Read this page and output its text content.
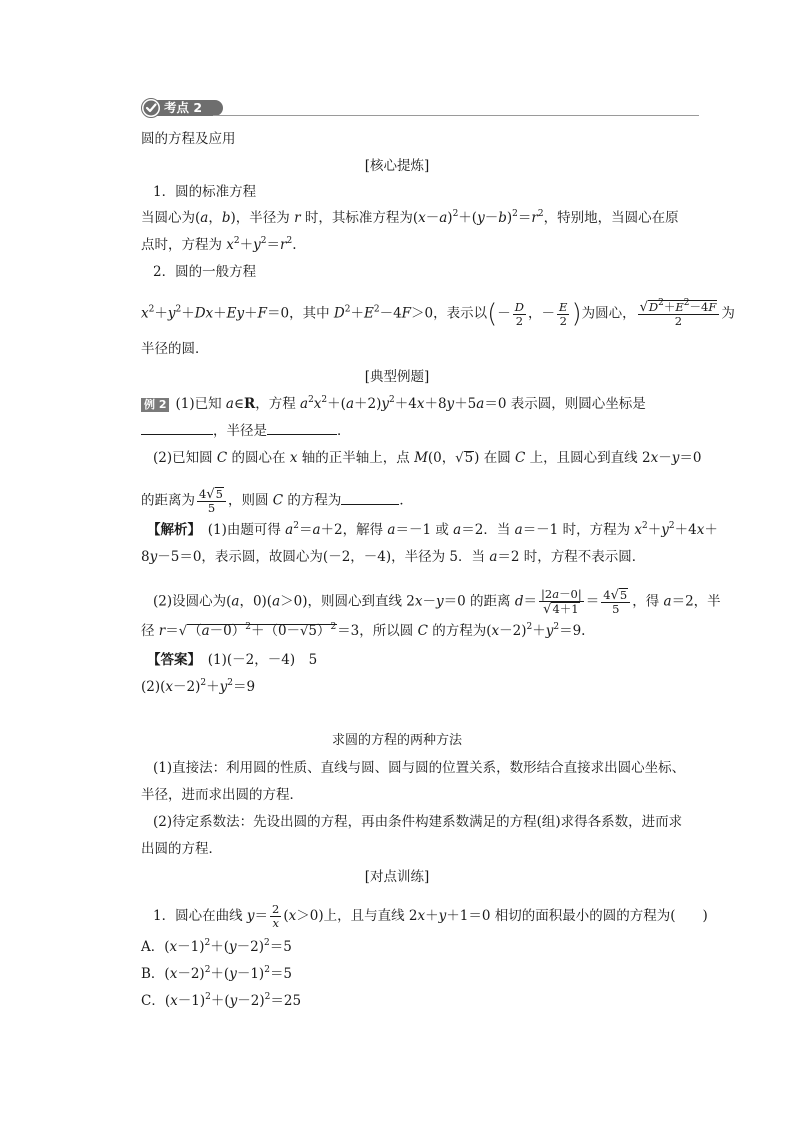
考点 2
圆的方程及应用
[核心提炼]
1．圆的标准方程
当圆心为(a，b)，半径为 r 时，其标准方程为$(x-a)^2+(y-b)^2=r^2$，特别地，当圆心在原
点时，方程为 $x^2+y^2=r^2$.
2．圆的一般方程
$x^2+y^2+Dx+Ey+F=0$，其中 $D^2+E^2-4F>0$，表示以(－ $\frac{D}{2}$ ，－ $\frac{E}{2}$ )为圆心， $\frac{√D^2+E^2-4F}{2}$ 为
半径的圆．
[典型例题]
例 2 (1)已知 a∈R，方程 $a^2x^2+(a+2)y^2+4x+8y+5a=0$ 表示圆，则圆心坐标是
，半径是	．
(2)已知圆 C 的圆心在 x 轴的正半轴上，点 M(0，√5) 在圆 C 上，且圆心到直线 2x－y＝0
的距离为 $\frac{4√5}{5}$ ，则圆 C 的方程为	．
【解析】　 (1)由题可得 $a^2=a+2$，解得 a＝－1 或 a＝2．当 a＝－1 时，方程为 $x^2+y^2+4x+$
8y－5＝0，表示圆，故圆心为(－2，－4)，半径为 5．当 a＝2 时，方程不表示圆．
(2)设圆心为(a，0)(a＞0)，则圆心到直线 2x－y＝0 的距离 $d= \frac{|2a-0|}{√4+1} = \frac{4√5}{5}$ ，得 a＝2，半
径 $r=√(a-0)^2+(0-√5)^2=3$，所以圆 C 的方程为$(x-2)^2+y^2=9$.
【答案】　 (1)(－2，－4)　5
$(2)(x-2)^2+y^2=9$
求圆的方程的两种方法
(1)直接法：利用圆的性质、直线与圆、圆与圆的位置关系，数形结合直接求出圆心坐标、
半径，进而求出圆的方程．
(2)待定系数法：先设出圆的方程，再由条件构建系数满足的方程(组)求得各系数，进而求
出圆的方程．
[对点训练]
1．圆心在曲线 $y= \frac{2}{x} (x>0)$上，且与直线 2x＋y＋1＝0 相切的面积最小的圆的方程为(　　)
A．$(x-1)^2+(y-2)^2=5$
B．$(x-2)^2+(y-1)^2=5$
C．$(x-1)^2+(y-2)^2=25$
